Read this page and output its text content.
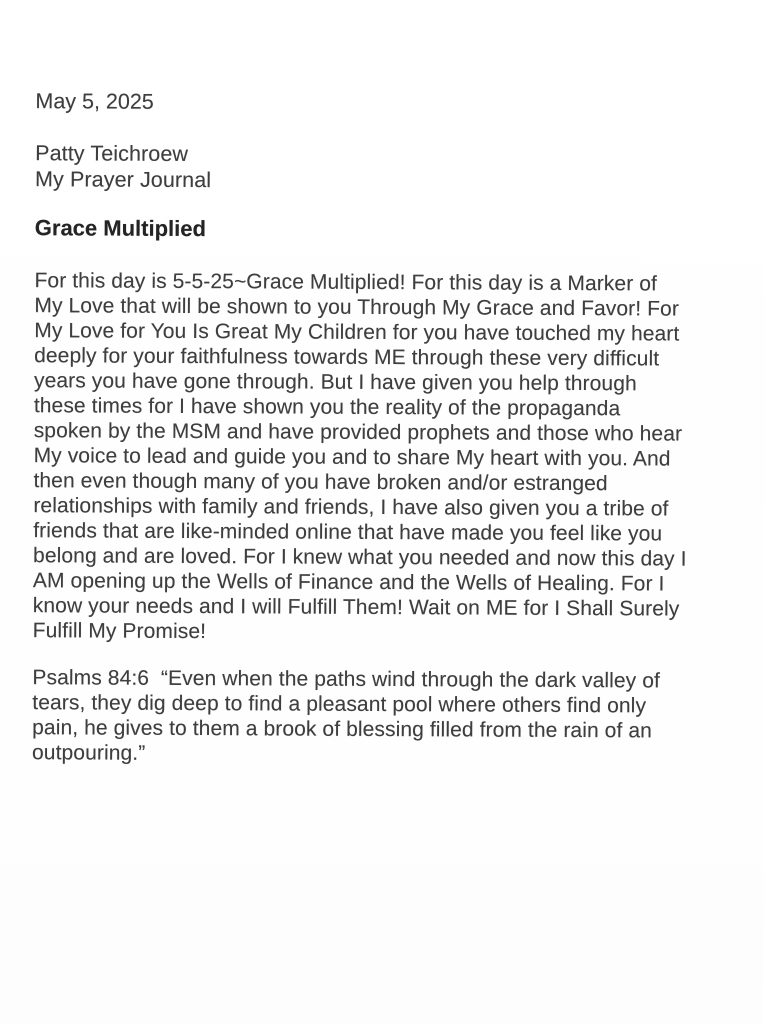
May 5, 2025
Patty Teichroew
My Prayer Journal
Grace Multiplied
For this day is 5-5-25~Grace Multiplied! For this day is a Marker of
My Love that will be shown to you Through My Grace and Favor! For
My Love for You Is Great My Children for you have touched my heart
deeply for your faithfulness towards ME through these very difficult
years you have gone through. But I have given you help through
these times for I have shown you the reality of the propaganda
spoken by the MSM and have provided prophets and those who hear
My voice to lead and guide you and to share My heart with you. And
then even though many of you have broken and/or estranged
relationships with family and friends, I have also given you a tribe of
friends that are like-minded online that have made you feel like you
belong and are loved. For I knew what you needed and now this day I
AM opening up the Wells of Finance and the Wells of Healing. For I
know your needs and I will Fulfill Them! Wait on ME for I Shall Surely
Fulfill My Promise!
Psalms 84:6  “Even when the paths wind through the dark valley of
tears, they dig deep to find a pleasant pool where others find only
pain, he gives to them a brook of blessing filled from the rain of an
outpouring.”
